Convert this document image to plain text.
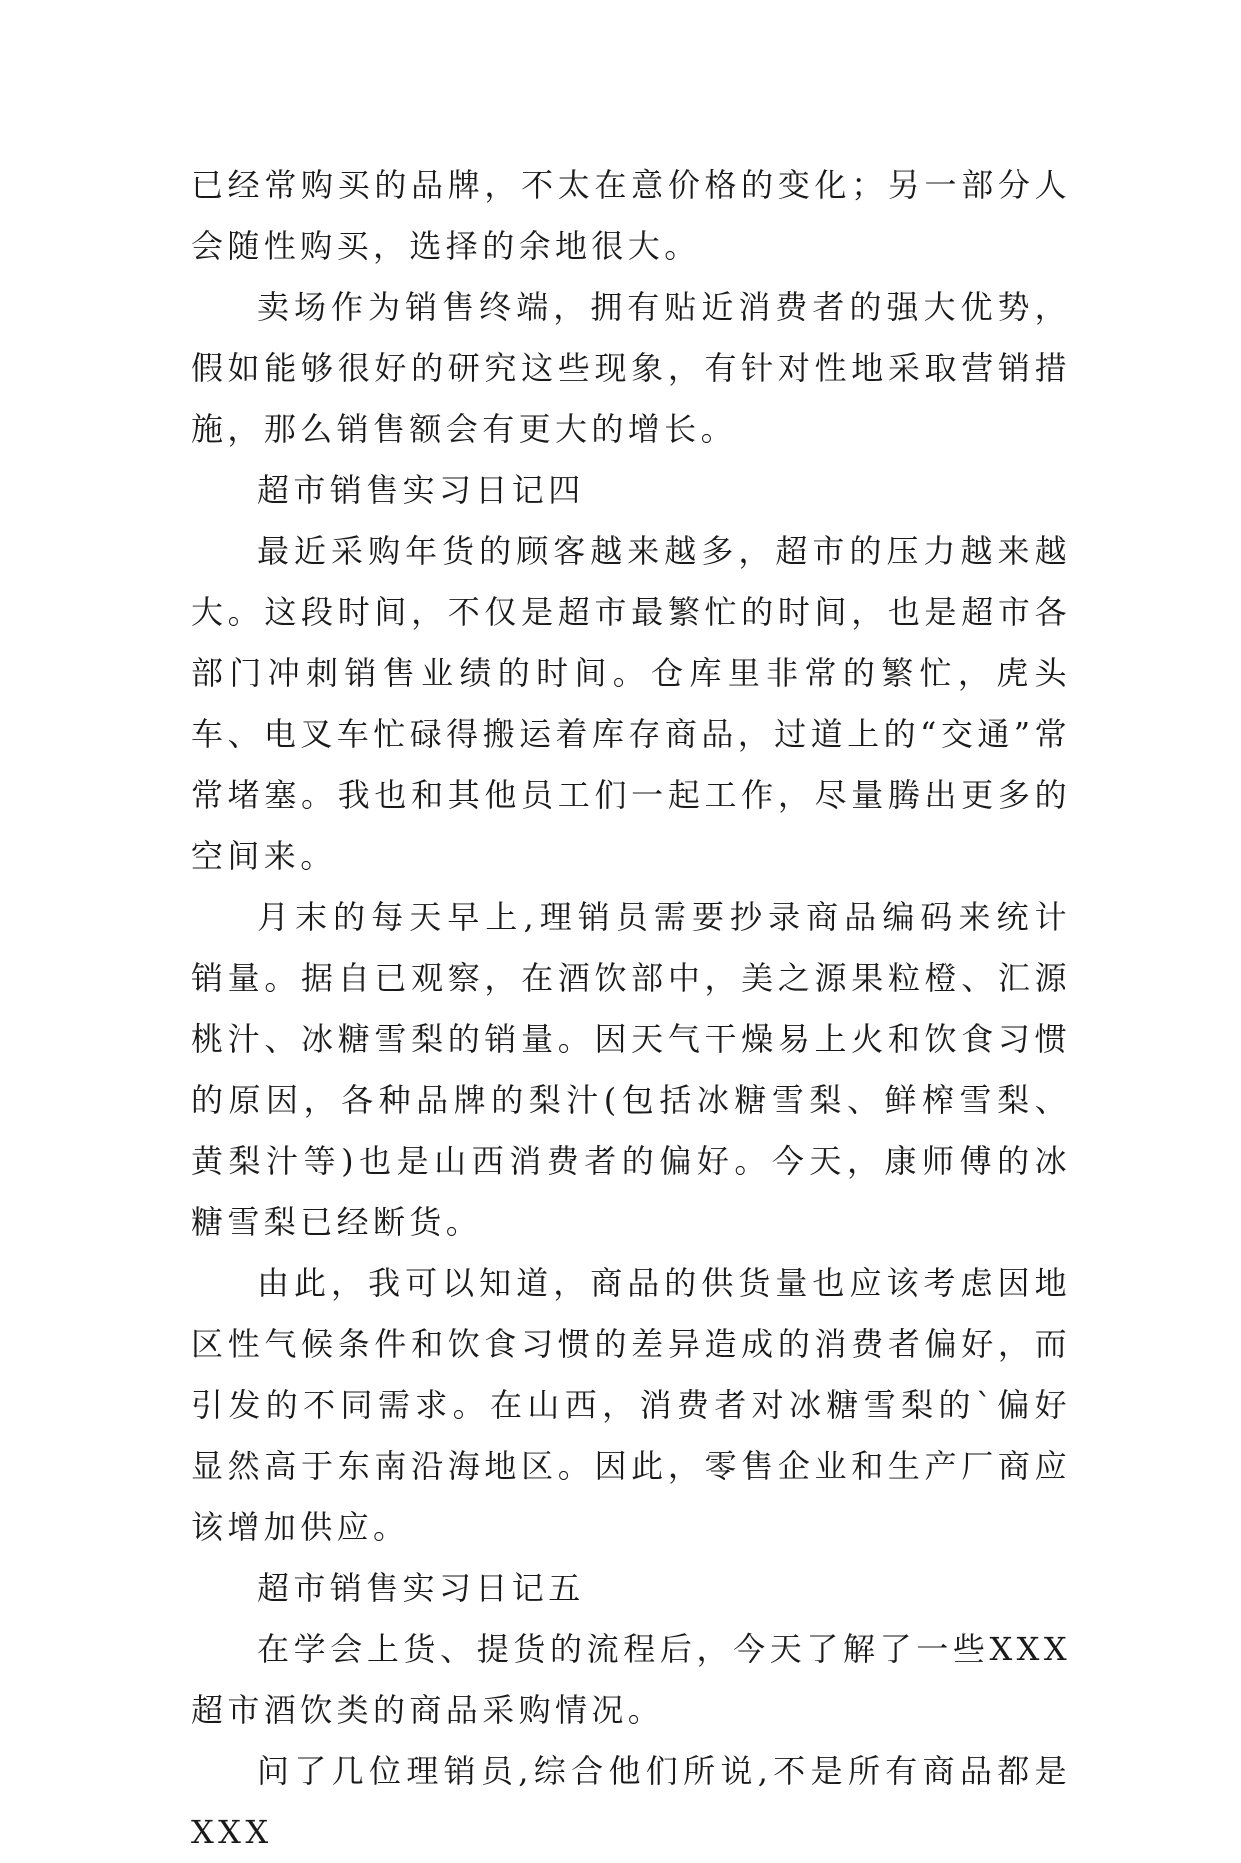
已经常购买的品牌，不太在意价格的变化；另一部分人会随性购买，选择的余地很大。

卖场作为销售终端，拥有贴近消费者的强大优势，假如能够很好的研究这些现象，有针对性地采取营销措施，那么销售额会有更大的增长。

超市销售实习日记四

最近采购年货的顾客越来越多，超市的压力越来越大。这段时间，不仅是超市最繁忙的时间，也是超市各部门冲刺销售业绩的时间。仓库里非常的繁忙，虎头车、电叉车忙碌得搬运着库存商品，过道上的“交通”常常堵塞。我也和其他员工们一起工作，尽量腾出更多的空间来。

月末的每天早上,理销员需要抄录商品编码来统计销量。据自已观察，在酒饮部中，美之源果粒橙、汇源桃汁、冰糖雪梨的销量。因天气干燥易上火和饮食习惯的原因，各种品牌的梨汁(包括冰糖雪梨、鲜榨雪梨、黄梨汁等)也是山西消费者的偏好。今天，康师傅的冰糖雪梨已经断货。

由此，我可以知道，商品的供货量也应该考虑因地区性气候条件和饮食习惯的差异造成的消费者偏好，而引发的不同需求。在山西，消费者对冰糖雪梨的`偏好显然高于东南沿海地区。因此，零售企业和生产厂商应该增加供应。

超市销售实习日记五

在学会上货、提货的流程后，今天了解了一些XXX超市酒饮类的商品采购情况。

问了几位理销员,综合他们所说,不是所有商品都是XXX
